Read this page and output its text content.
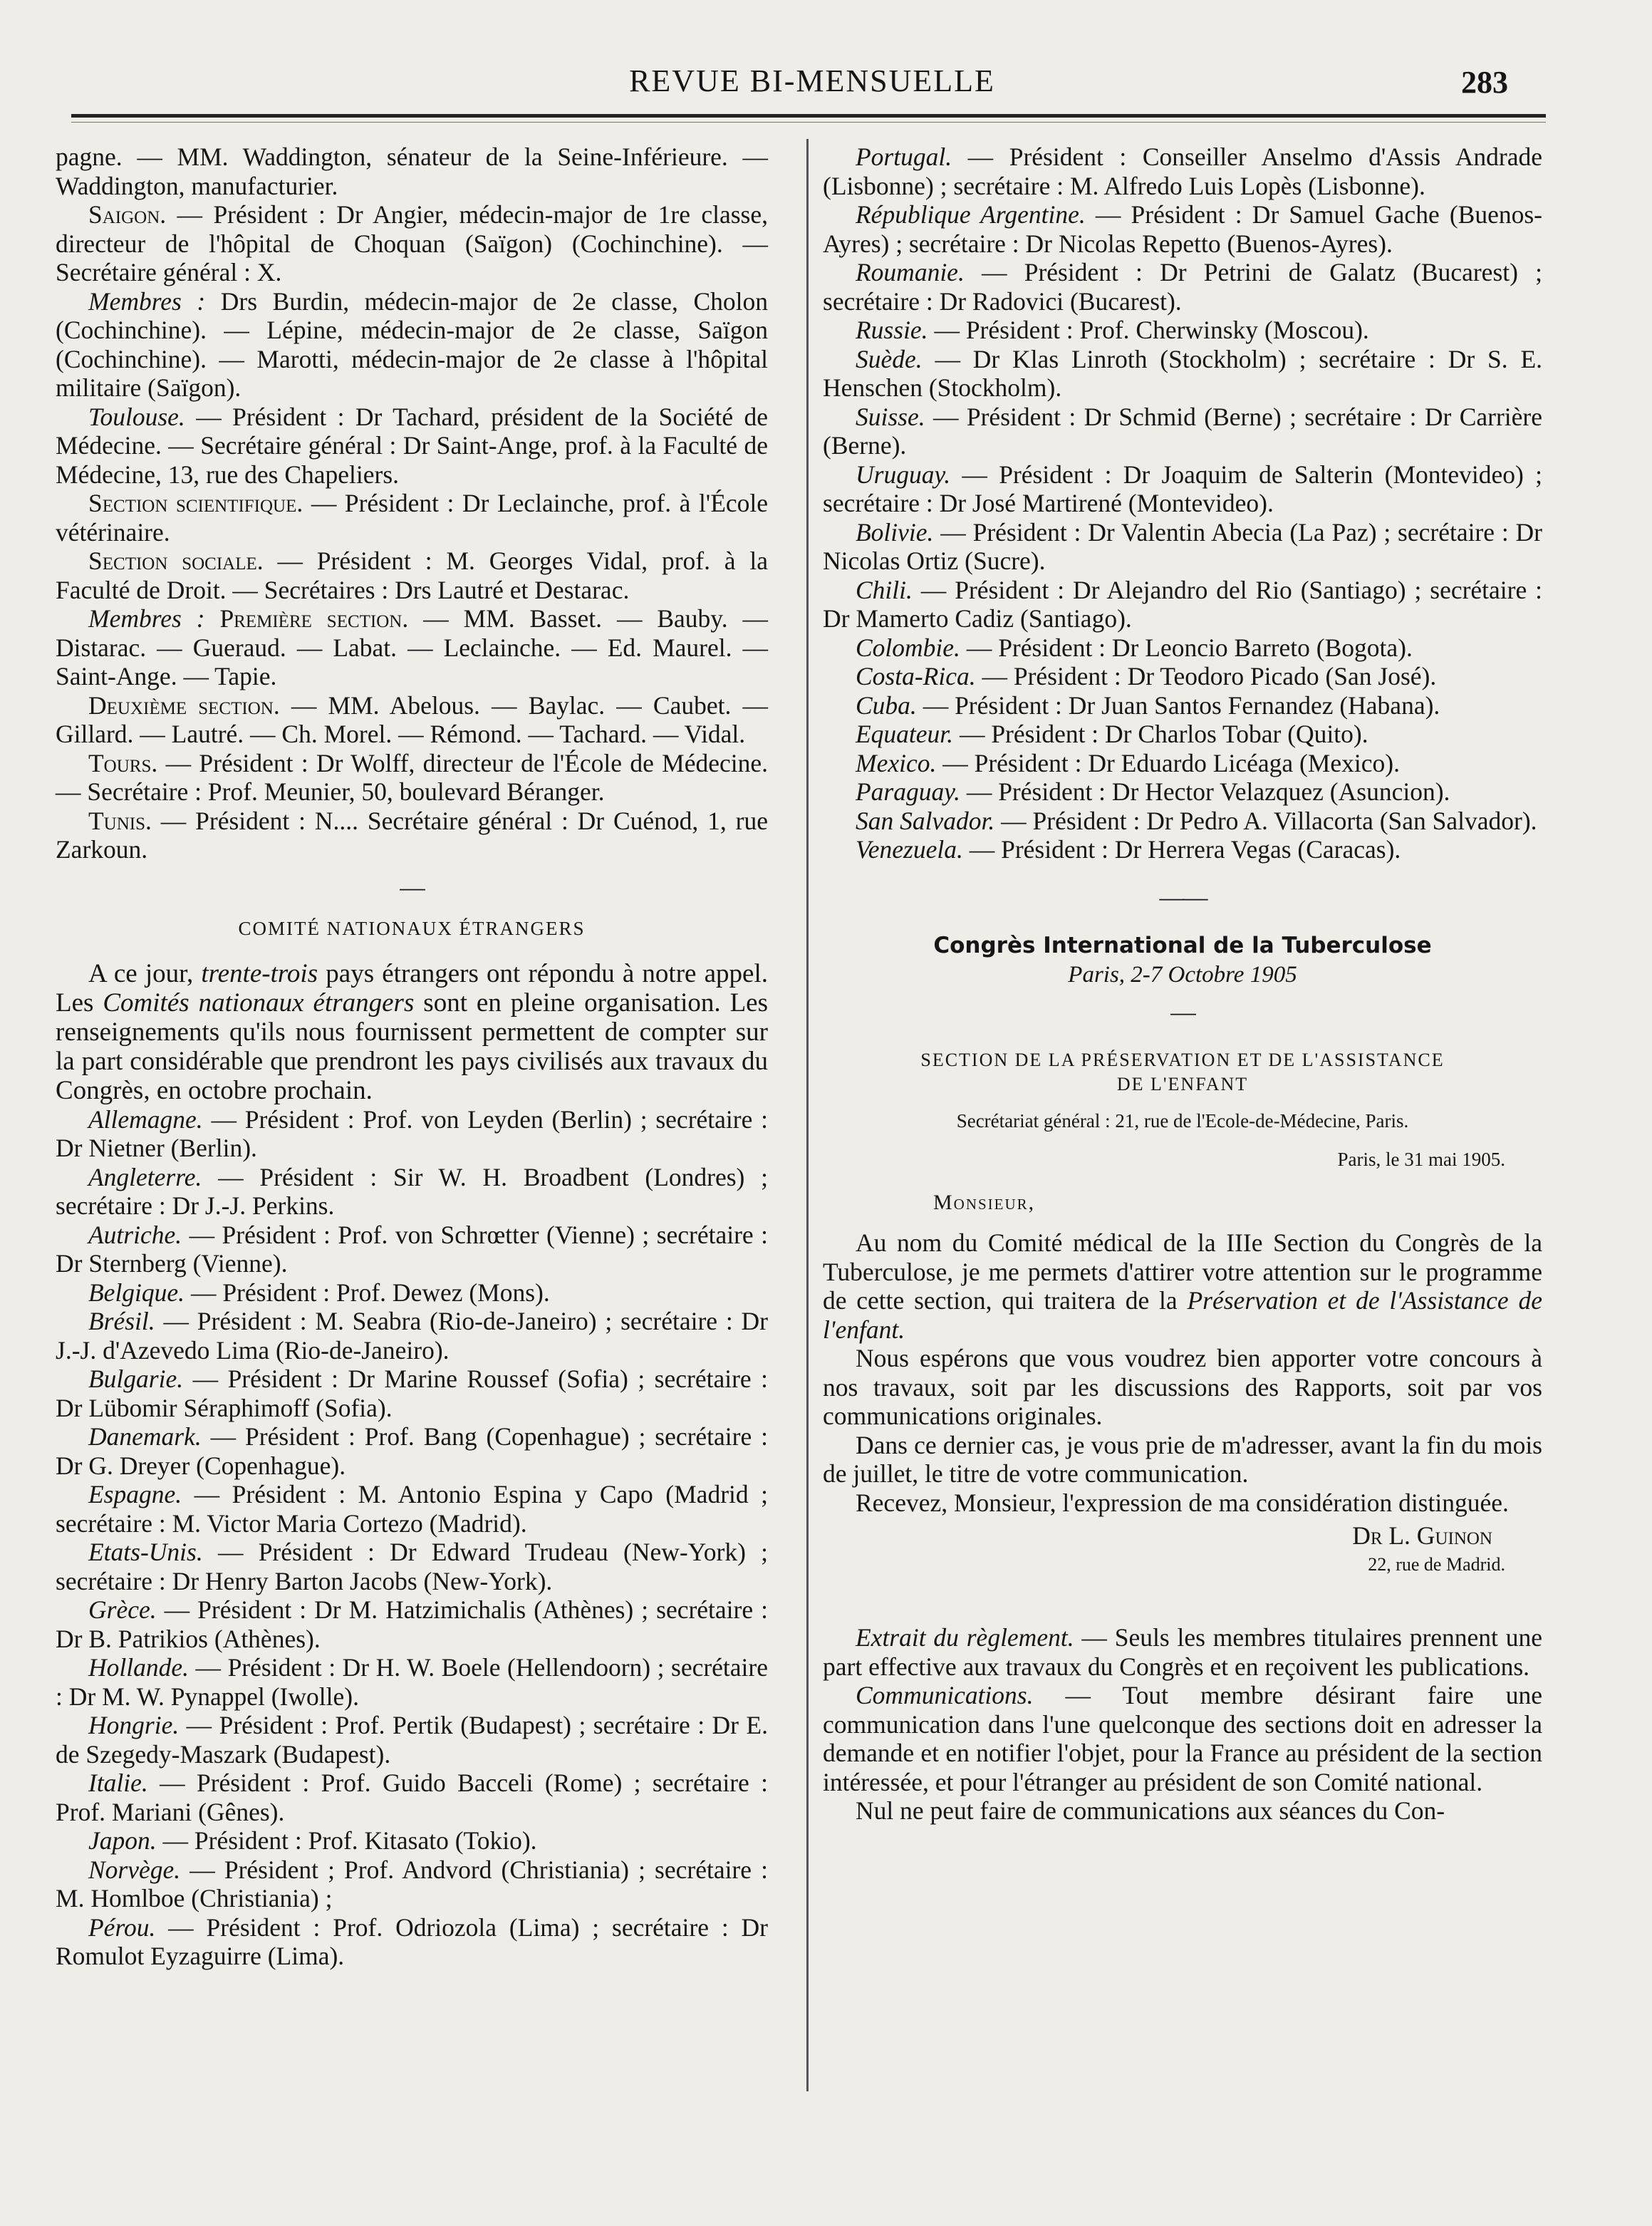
REVUE BI-MENSUELLE	283

pagne. — MM. Waddington, sénateur de la Seine-Inférieure. — Waddington, manufacturier.

Saigon. — Président : Dr Angier, médecin-major de 1re classe, directeur de l'hôpital de Choquan (Saïgon) (Cochinchine). — Secrétaire général : X.

Membres : Drs Burdin, médecin-major de 2e classe, Cholon (Cochinchine). — Lépine, médecin-major de 2e classe, Saïgon (Cochinchine). — Marotti, médecin-major de 2e classe à l'hôpital militaire (Saïgon).

Toulouse. — Président : Dr Tachard, président de la Société de Médecine. — Secrétaire général : Dr Saint-Ange, prof. à la Faculté de Médecine, 13, rue des Chapeliers.

Section scientifique. — Président : Dr Leclainche, prof. à l'École vétérinaire.

Section sociale. — Président : M. Georges Vidal, prof. à la Faculté de Droit. — Secrétaires : Drs Lautré et Destarac.

Membres : Première section. — MM. Basset. — Bauby. — Distarac. — Gueraud. — Labat. — Leclainche. — Ed. Maurel. — Saint-Ange. — Tapie.

Deuxième section. — MM. Abelous. — Baylac. — Caubet. — Gillard. — Lautré. — Ch. Morel. — Rémond. — Tachard. — Vidal.

Tours. — Président : Dr Wolff, directeur de l'École de Médecine. — Secrétaire : Prof. Meunier, 50, boulevard Béranger.

Tunis. — Président : N.... Secrétaire général : Dr Cuénod, 1, rue Zarkoun.

—
COMITÉ NATIONAUX ÉTRANGERS

A ce jour, trente-trois pays étrangers ont répondu à notre appel. Les Comités nationaux étrangers sont en pleine organisation. Les renseignements qu'ils nous fournissent permettent de compter sur la part considérable que prendront les pays civilisés aux travaux du Congrès, en octobre prochain.

Allemagne. — Président : Prof. von Leyden (Berlin) ; secrétaire : Dr Nietner (Berlin).

Angleterre. — Président : Sir W. H. Broadbent (Londres) ; secrétaire : Dr J.-J. Perkins.

Autriche. — Président : Prof. von Schrœtter (Vienne) ; secrétaire : Dr Sternberg (Vienne).

Belgique. — Président : Prof. Dewez (Mons).

Brésil. — Président : M. Seabra (Rio-de-Janeiro) ; secrétaire : Dr J.-J. d'Azevedo Lima (Rio-de-Janeiro).

Bulgarie. — Président : Dr Marine Roussef (Sofia) ; secrétaire : Dr Lübomir Séraphimoff (Sofia).

Danemark. — Président : Prof. Bang (Copenhague) ; secrétaire : Dr G. Dreyer (Copenhague).

Espagne. — Président : M. Antonio Espina y Capo (Madrid ; secrétaire : M. Victor Maria Cortezo (Madrid).

Etats-Unis. — Président : Dr Edward Trudeau (New-York) ; secrétaire : Dr Henry Barton Jacobs (New-York).

Grèce. — Président : Dr M. Hatzimichalis (Athènes) ; secrétaire : Dr B. Patrikios (Athènes).

Hollande. — Président : Dr H. W. Boele (Hellendoorn) ; secrétaire : Dr M. W. Pynappel (Iwolle).

Hongrie. — Président : Prof. Pertik (Budapest) ; secrétaire : Dr E. de Szegedy-Maszark (Budapest).

Italie. — Président : Prof. Guido Bacceli (Rome) ; secrétaire : Prof. Mariani (Gênes).

Japon. — Président : Prof. Kitasato (Tokio).

Norvège. — Président ; Prof. Andvord (Christiania) ; secrétaire : M. Homlboe (Christiania) ;

Pérou. — Président : Prof. Odriozola (Lima) ; secrétaire : Dr Romulot Eyzaguirre (Lima).

Portugal. — Président : Conseiller Anselmo d'Assis Andrade (Lisbonne) ; secrétaire : M. Alfredo Luis Lopès (Lisbonne).

République Argentine. — Président : Dr Samuel Gache (Buenos-Ayres) ; secrétaire : Dr Nicolas Repetto (Buenos-Ayres).

Roumanie. — Président : Dr Petrini de Galatz (Bucarest) ; secrétaire : Dr Radovici (Bucarest).

Russie. — Président : Prof. Cherwinsky (Moscou).

Suède. — Dr Klas Linroth (Stockholm) ; secrétaire : Dr S. E. Henschen (Stockholm).

Suisse. — Président : Dr Schmid (Berne) ; secrétaire : Dr Carrière (Berne).

Uruguay. — Président : Dr Joaquim de Salterin (Montevideo) ; secrétaire : Dr José Martirené (Montevideo).

Bolivie. — Président : Dr Valentin Abecia (La Paz) ; secrétaire : Dr Nicolas Ortiz (Sucre).

Chili. — Président : Dr Alejandro del Rio (Santiago) ; secrétaire : Dr Mamerto Cadiz (Santiago).

Colombie. — Président : Dr Leoncio Barreto (Bogota).

Costa-Rica. — Président : Dr Teodoro Picado (San José).

Cuba. — Président : Dr Juan Santos Fernandez (Habana).

Equateur. — Président : Dr Charlos Tobar (Quito).

Mexico. — Président : Dr Eduardo Licéaga (Mexico).

Paraguay. — Président : Dr Hector Velazquez (Asuncion).

San Salvador. — Président : Dr Pedro A. Villacorta (San Salvador).

Venezuela. — Président : Dr Herrera Vegas (Caracas).

——
Congrès International de la Tuberculose
Paris, 2-7 Octobre 1905
—
SECTION DE LA PRÉSERVATION ET DE L'ASSISTANCE
DE L'ENFANT
Secrétariat général : 21, rue de l'Ecole-de-Médecine, Paris.
Paris, le 31 mai 1905.
Monsieur,

Au nom du Comité médical de la IIIe Section du Congrès de la Tuberculose, je me permets d'attirer votre attention sur le programme de cette section, qui traitera de la Préservation et de l'Assistance de l'enfant.

Nous espérons que vous voudrez bien apporter votre concours à nos travaux, soit par les discussions des Rapports, soit par vos communications originales.

Dans ce dernier cas, je vous prie de m'adresser, avant la fin du mois de juillet, le titre de votre communication.

Recevez, Monsieur, l'expression de ma considération distinguée.

Dr L. Guinon
22, rue de Madrid.

Extrait du règlement. — Seuls les membres titulaires prennent une part effective aux travaux du Congrès et en reçoivent les publications.

Communications. — Tout membre désirant faire une communication dans l'une quelconque des sections doit en adresser la demande et en notifier l'objet, pour la France au président de la section intéressée, et pour l'étranger au président de son Comité national.

Nul ne peut faire de communications aux séances du Con-
